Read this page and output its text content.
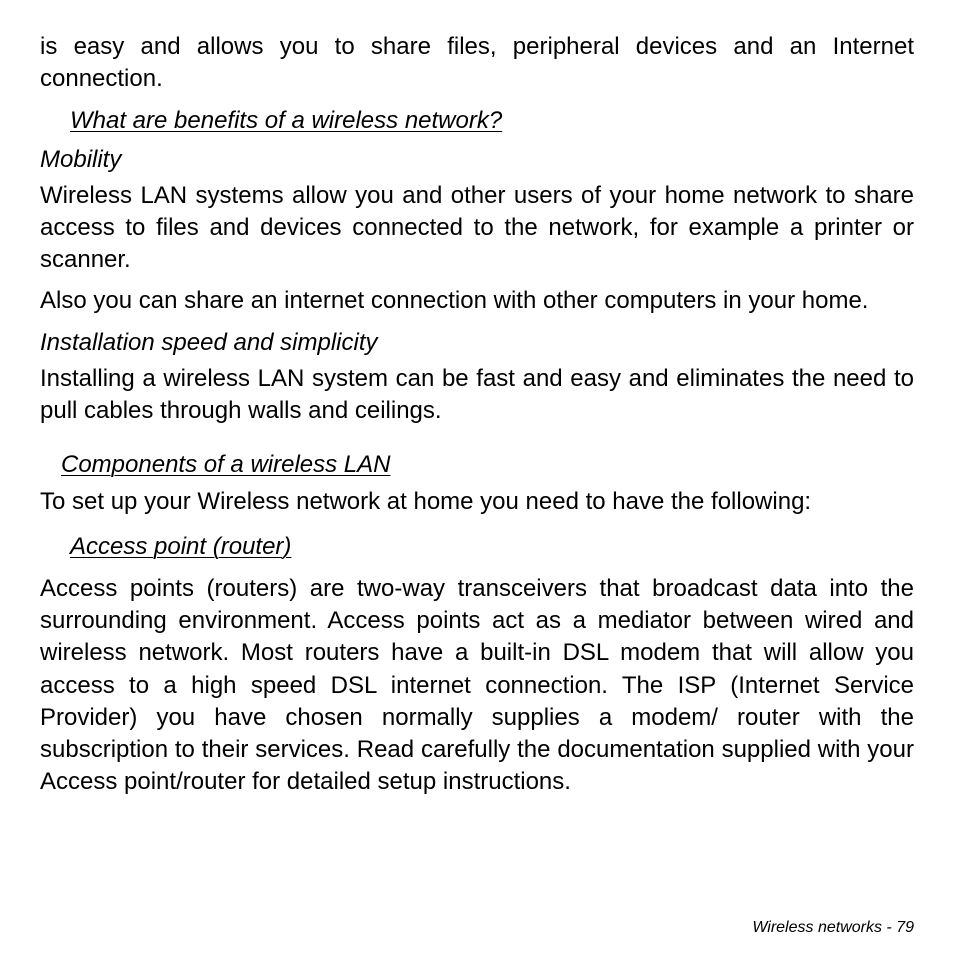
is easy and allows you to share files, peripheral devices and an Internet connection.

What are benefits of a wireless network?
Mobility

Wireless LAN systems allow you and other users of your home network to share access to files and devices connected to the network, for example a printer or scanner.

Also you can share an internet connection with other computers in your home.

Installation speed and simplicity

Installing a wireless LAN system can be fast and easy and eliminates the need to pull cables through walls and ceilings.

Components of a wireless LAN

To set up your Wireless network at home you need to have the following:

Access point (router)

Access points (routers) are two-way transceivers that broadcast data into the surrounding environment. Access points act as a mediator between wired and wireless network. Most routers have a built-in DSL modem that will allow you access to a high speed DSL internet connection. The ISP (Internet Service Provider) you have chosen normally supplies a modem/ router with the subscription to their services. Read carefully the documentation supplied with your Access point/router for detailed setup instructions.

Wireless networks - 79
